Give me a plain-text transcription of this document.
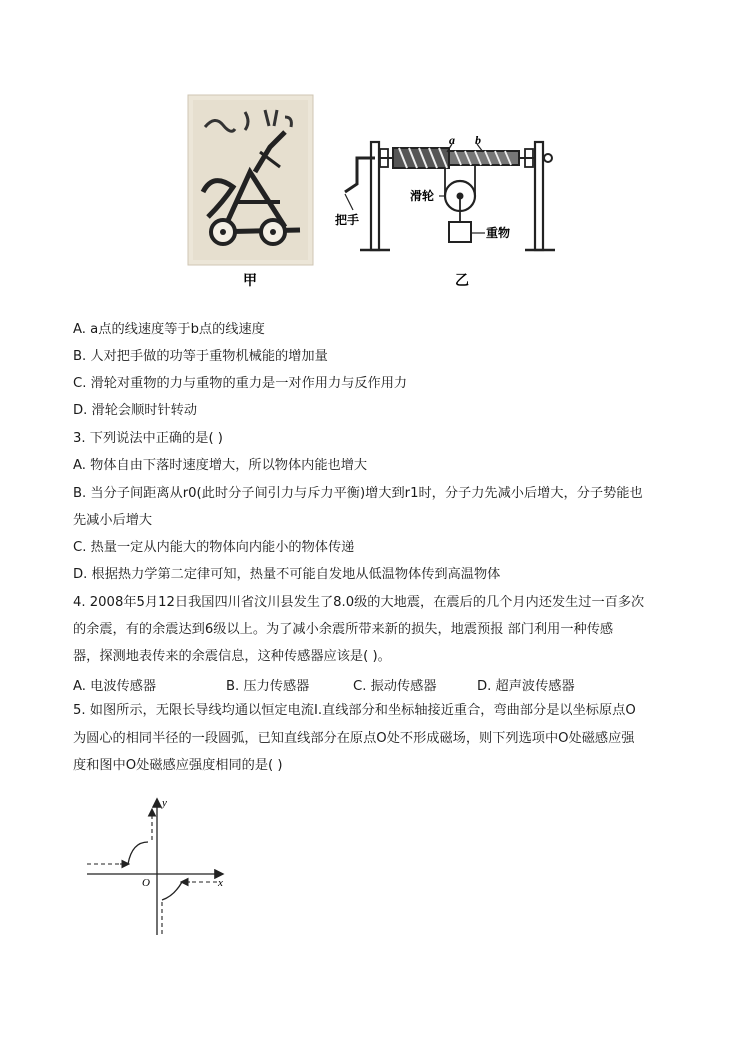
甲
a b
把手
滑轮
重物
乙
A. a点的线速度等于b点的线速度
B. 人对把手做的功等于重物机械能的增加量
C. 滑轮对重物的力与重物的重力是一对作用力与反作用力
D. 滑轮会顺时针转动
3. 下列说法中正确的是( )
A. 物体自由下落时速度增大，所以物体内能也增大
B. 当分子间距离从r0(此时分子间引力与斥力平衡)增大到r1时，分子力先减小后增大，分子势能也
先减小后增大
C. 热量一定从内能大的物体向内能小的物体传递
D. 根据热力学第二定律可知，热量不可能自发地从低温物体传到高温物体
4. 2008年5月12日我国四川省汶川县发生了8.0级的大地震，在震后的几个月内还发生过一百多次
的余震，有的余震达到6级以上。为了减小余震所带来新的损失，地震预报 部门利用一种传感
器，探测地表传来的余震信息，这种传感器应该是( )。
A. 电波传感器	B. 压力传感器	C. 振动传感器	D. 超声波传感器
5. 如图所示，无限长导线均通以恒定电流I.直线部分和坐标轴接近重合，弯曲部分是以坐标原点O
为圆心的相同半径的一段圆弧，已知直线部分在原点O处不形成磁场，则下列选项中O处磁感应强
度和图中O处磁感应强度相同的是( )
y
x
O
